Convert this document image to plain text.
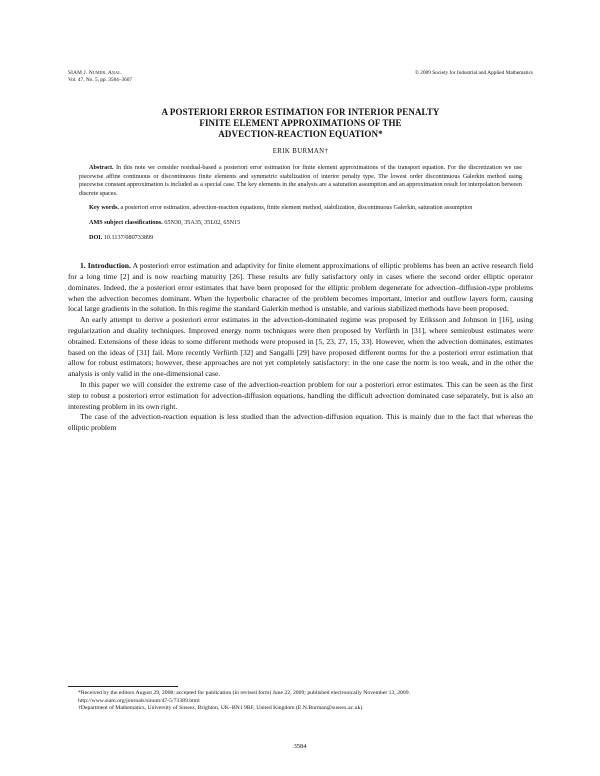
SIAM J. Numer. Anal.
Vol. 47, No. 5, pp. 3584–3607
© 2009 Society for Industrial and Applied Mathematics
A POSTERIORI ERROR ESTIMATION FOR INTERIOR PENALTY
FINITE ELEMENT APPROXIMATIONS OF THE
ADVECTION-REACTION EQUATION*
ERIK BURMAN†

Abstract. In this note we consider residual-based a posteriori error estimation for finite element approximations of the transport equation. For the discretization we use piecewise affine continuous or discontinuous finite elements and symmetric stabilization of interior penalty type. The lowest order discontinuous Galerkin method using piecewise constant approximation is included as a special case. The key elements in the analysis are a saturation assumption and an approximation result for interpolation between discrete spaces.

Key words. a posteriori error estimation, advection-reaction equations, finite element method, stabilization, discontinuous Galerkin, saturation assumption

AMS subject classifications. 65N30, 35A35, 35L02, 65N15

DOI. 10.1137/080733899

1. Introduction. A posteriori error estimation and adaptivity for finite element approximations of elliptic problems has been an active research field for a long time [2] and is now reaching maturity [26]. These results are fully satisfactory only in cases where the second order elliptic operator dominates. Indeed, the a posteriori error estimates that have been proposed for the elliptic problem degenerate for advection–diffusion-type problems when the advection becomes dominant. When the hyperbolic character of the problem becomes important, interior and outflow layers form, causing local large gradients in the solution. In this regime the standard Galerkin method is unstable, and various stabilized methods have been proposed.

An early attempt to derive a posteriori error estimates in the advection-dominated regime was proposed by Eriksson and Johnson in [16], using regularization and duality techniques. Improved energy norm techniques were then proposed by Verfürth in [31], where semirobust estimates were obtained. Extensions of these ideas to some different methods were proposed in [5, 23, 27, 15, 33]. However, when the advection dominates, estimates based on the ideas of [31] fail. More recently Verfürth [32] and Sangalli [29] have proposed different norms for the a posteriori error estimation that allow for robust estimators; however, these approaches are not yet completely satisfactory: in the one case the norm is too weak, and in the other the analysis is only valid in the one-dimensional case.

In this paper we will consider the extreme case of the advection-reaction problem for our a posteriori error estimates. This can be seen as the first step to robust a posteriori error estimation for advection-diffusion equations, handling the difficult advection dominated case separately, but is also an interesting problem in its own right.

The case of the advection-reaction equation is less studied than the advection-diffusion equation. This is mainly due to the fact that whereas the elliptic problem

*Received by the editors August 29, 2008; accepted for publication (in revised form) June 22, 2009; published electronically November 13, 2009.

http://www.siam.org/journals/sinum/47-5/73389.html

†Department of Mathematics, University of Sussex, Brighton, UK–BN1 9RF, United Kingdom (E.N.Burman@sussex.ac.uk).

3584
